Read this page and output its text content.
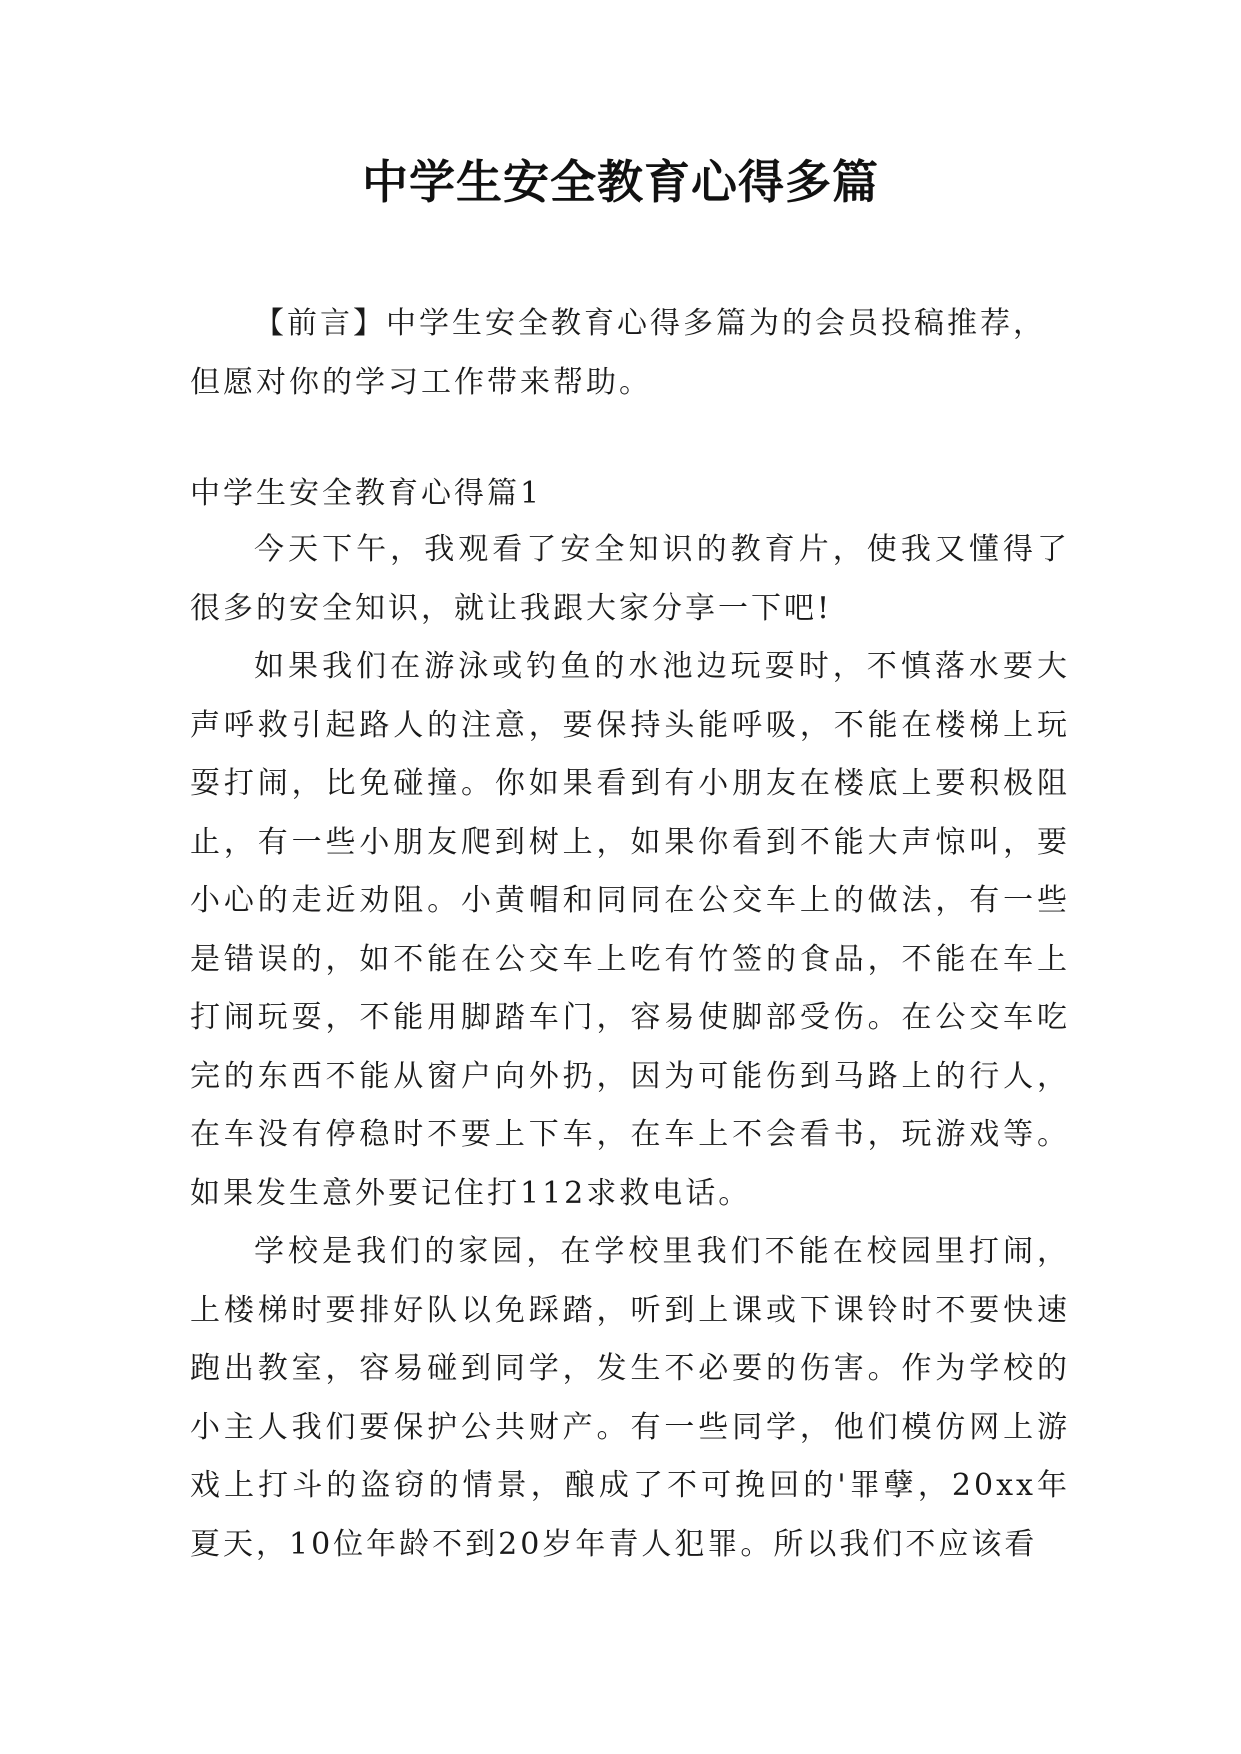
中学生安全教育心得多篇
【前言】中学生安全教育心得多篇为的会员投稿推荐，但愿对你的学习工作带来帮助。
中学生安全教育心得篇1

今天下午，我观看了安全知识的教育片，使我又懂得了很多的安全知识，就让我跟大家分享一下吧!

如果我们在游泳或钓鱼的水池边玩耍时，不慎落水要大声呼救引起路人的注意，要保持头能呼吸，不能在楼梯上玩耍打闹，比免碰撞。你如果看到有小朋友在楼底上要积极阻止，有一些小朋友爬到树上，如果你看到不能大声惊叫，要小心的走近劝阻。小黄帽和同同在公交车上的做法，有一些是错误的，如不能在公交车上吃有竹签的食品，不能在车上打闹玩耍，不能用脚踏车门，容易使脚部受伤。在公交车吃完的东西不能从窗户向外扔，因为可能伤到马路上的行人，在车没有停稳时不要上下车，在车上不会看书，玩游戏等。如果发生意外要记住打112求救电话。

学校是我们的家园，在学校里我们不能在校园里打闹，上楼梯时要排好队以免踩踏，听到上课或下课铃时不要快速跑出教室，容易碰到同学，发生不必要的伤害。作为学校的小主人我们要保护公共财产。有一些同学，他们模仿网上游戏上打斗的盗窃的情景，酿成了不可挽回的'罪孽，20xx年夏天，10位年龄不到20岁年青人犯罪。所以我们不应该看
